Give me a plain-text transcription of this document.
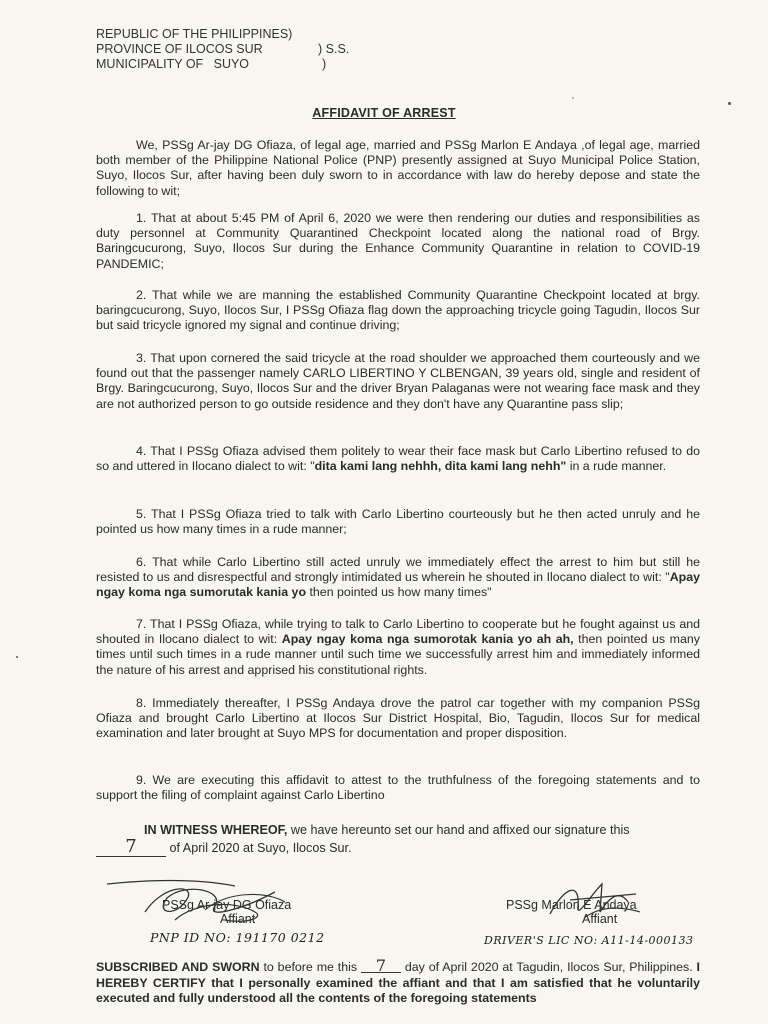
REPUBLIC OF THE PHILIPPINES)
PROVINCE OF ILOCOS SUR	) S.S.
MUNICIPALITY OF   SUYO	)
AFFIDAVIT OF ARREST
We, PSSg Ar-jay DG Ofiaza, of legal age, married and PSSg Marlon E Andaya ,of legal age, married both member of the Philippine National Police (PNP) presently assigned at Suyo Municipal Police Station, Suyo, Ilocos Sur, after having been duly sworn to in accordance with law do hereby depose and state the following to wit;
1. That at about 5:45 PM of April 6, 2020 we were then rendering our duties and responsibilities as duty personnel at Community Quarantined Checkpoint located along the national road of Brgy. Baringcucurong, Suyo, Ilocos Sur during the Enhance Community Quarantine in relation to COVID-19 PANDEMIC;
2. That while we are manning the established Community Quarantine Checkpoint located at brgy. baringcucurong, Suyo, Ilocos Sur, I PSSg Ofiaza flag down the approaching tricycle going Tagudin, Ilocos Sur but said tricycle ignored my signal and continue driving;
3. That upon cornered the said tricycle at the road shoulder we approached them courteously and we found out that the passenger namely CARLO LIBERTINO Y CLBENGAN, 39 years old, single and resident of Brgy. Baringcucurong, Suyo, Ilocos Sur and the driver Bryan Palaganas were not wearing face mask and they are not authorized person to go outside residence and they don't have any Quarantine pass slip;
4. That I PSSg Ofiaza advised them politely to wear their face mask but Carlo Libertino refused to do so and uttered in Ilocano dialect to wit: "dita kami lang nehhh, dita kami lang nehh" in a rude manner.
5. That I PSSg Ofiaza tried to talk with Carlo Libertino courteously but he then acted unruly and he pointed us how many times in a rude manner;
6. That while Carlo Libertino still acted unruly we immediately effect the arrest to him but still he resisted to us and disrespectful and strongly intimidated us wherein he shouted in Ilocano dialect to wit: "Apay ngay koma nga sumorutak kania yo then pointed us how many times"
7. That I PSSg Ofiaza, while trying to talk to Carlo Libertino to cooperate but he fought against us and shouted in Ilocano dialect to wit: Apay ngay koma nga sumorotak kania yo ah ah, then pointed us many times until such times in a rude manner until such time we successfully arrest him and immediately informed the nature of his arrest and apprised his constitutional rights.
8. Immediately thereafter, I PSSg Andaya drove the patrol car together with my companion PSSg Ofiaza and brought Carlo Libertino at Ilocos Sur District Hospital, Bio, Tagudin, Ilocos Sur for medical examination and later brought at Suyo MPS for documentation and proper disposition.
9. We are executing this affidavit to attest to the truthfulness of the foregoing statements and to support the filing of complaint against Carlo Libertino
IN WITNESS WHEREOF, we have hereunto set our hand and affixed our signature this
7 of April 2020 at Suyo, Ilocos Sur.
PSSg Ar-jay DG Ofiaza
Affiant
PNP ID NO: 191170 0212
PSSg Marlon E Andaya
Affiant
DRIVER'S LIC NO: A11-14-000133
SUBSCRIBED AND SWORN to before me this 7 day of April 2020 at Tagudin, Ilocos Sur, Philippines. I HEREBY CERTIFY that I personally examined the affiant and that I am satisfied that he voluntarily executed and fully understood all the contents of the foregoing statements
